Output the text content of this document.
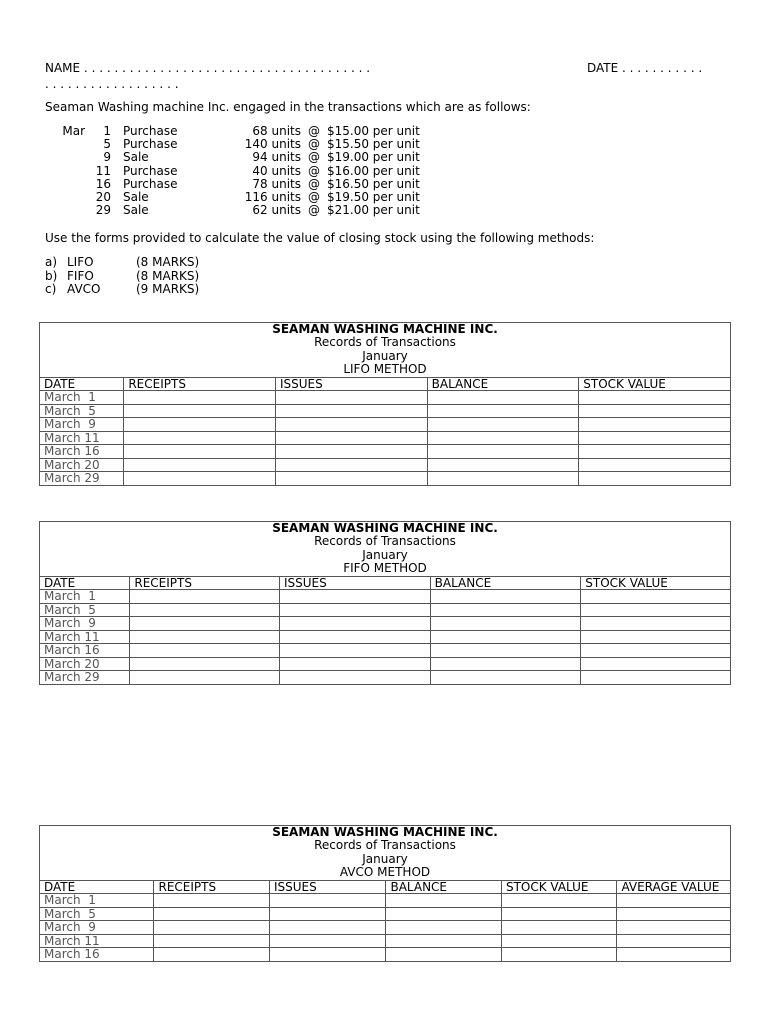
NAME . . . . . . . . . . . . . . . . . . . . . . . . . . . . . . . . . . . . . .
. . . . . . . . . . . . . . . . . .
DATE . . . . . . . . . . .
Seaman Washing machine Inc. engaged in the transactions which are as follows:
Mar	1	Purchase	68 units	@	$15.00 per unit
	5	Purchase	140 units	@	$15.50 per unit
	9	Sale	94 units	@	$19.00 per unit
	11	Purchase	40 units	@	$16.00 per unit
	16	Purchase	78 units	@	$16.50 per unit
	20	Sale	116 units	@	$19.50 per unit
	29	Sale	62 units	@	$21.00 per unit
Use the forms provided to calculate the value of closing stock using the following methods:
a)	LIFO	(8 MARKS)
b)	FIFO	(8 MARKS)
c)	AVCO	(9 MARKS)
SEAMAN WASHING MACHINE INC.
Records of Transactions
January
LIFO METHOD				

DATE	RECEIPTS	ISSUES	BALANCE	STOCK VALUE
March  1				
March  5				
March  9				
March 11				
March 16				
March 20				
March 29				
SEAMAN WASHING MACHINE INC.
Records of Transactions
January
FIFO METHOD				

DATE	RECEIPTS	ISSUES	BALANCE	STOCK VALUE
March  1				
March  5				
March  9				
March 11				
March 16				
March 20				
March 29				
SEAMAN WASHING MACHINE INC.
Records of Transactions
January
AVCO METHOD					

DATE	RECEIPTS	ISSUES	BALANCE	STOCK VALUE	AVERAGE VALUE
March  1					
March  5					
March  9					
March 11					
March 16					
